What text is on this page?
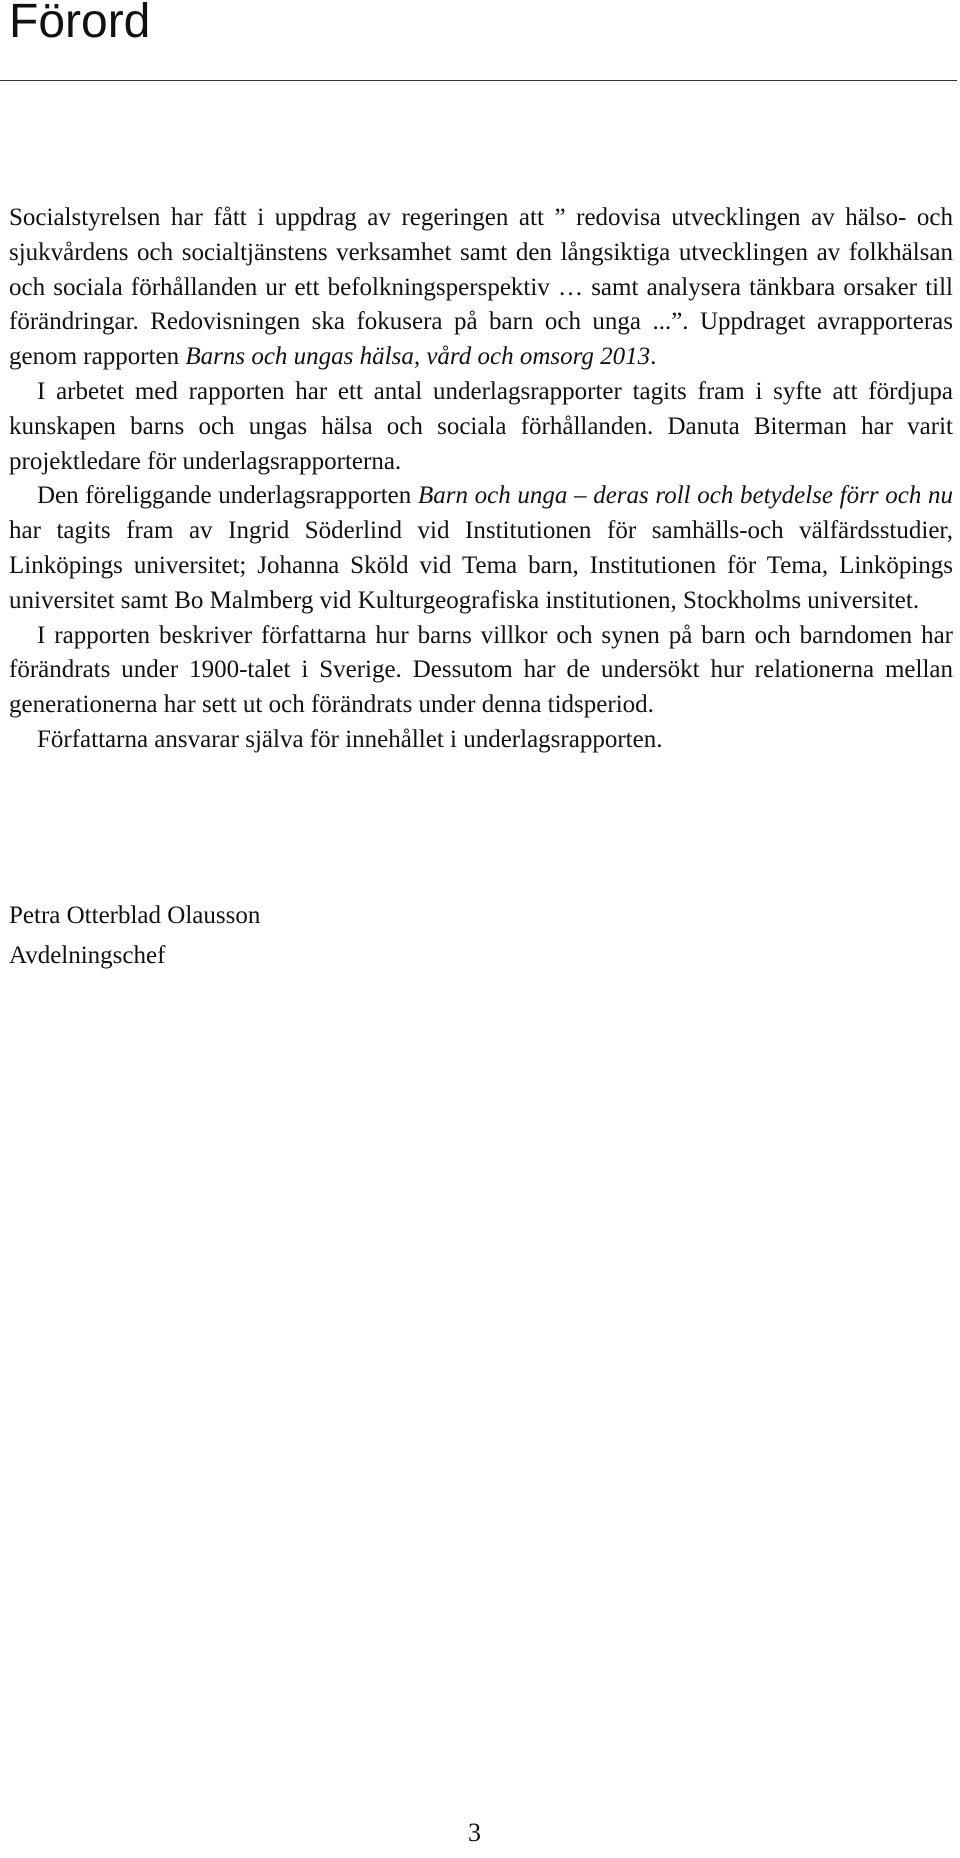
Förord

Socialstyrelsen har fått i uppdrag av regeringen att ” redovisa utvecklingen av hälso- och sjukvårdens och socialtjänstens verksamhet samt den långsiktiga utvecklingen av folkhälsan och sociala förhållanden ur ett befolkningsperspektiv … samt analysera tänkbara orsaker till förändringar. Redovisningen ska fokusera på barn och unga ...”. Uppdraget avrapporteras genom rapporten Barns och ungas hälsa, vård och omsorg 2013.

I arbetet med rapporten har ett antal underlagsrapporter tagits fram i syfte att fördjupa kunskapen barns och ungas hälsa och sociala förhållanden. Danuta Biterman har varit projektledare för underlagsrapporterna.

Den föreliggande underlagsrapporten Barn och unga – deras roll och betydelse förr och nu har tagits fram av Ingrid Söderlind vid Institutionen för samhälls-och välfärdsstudier, Linköpings universitet; Johanna Sköld vid Tema barn, Institutionen för Tema, Linköpings universitet samt Bo Malmberg vid Kulturgeografiska institutionen, Stockholms universitet.

I rapporten beskriver författarna hur barns villkor och synen på barn och barndomen har förändrats under 1900-talet i Sverige. Dessutom har de undersökt hur relationerna mellan generationerna har sett ut och förändrats under denna tidsperiod.

Författarna ansvarar själva för innehållet i underlagsrapporten.

Petra Otterblad Olausson

Avdelningschef

3
